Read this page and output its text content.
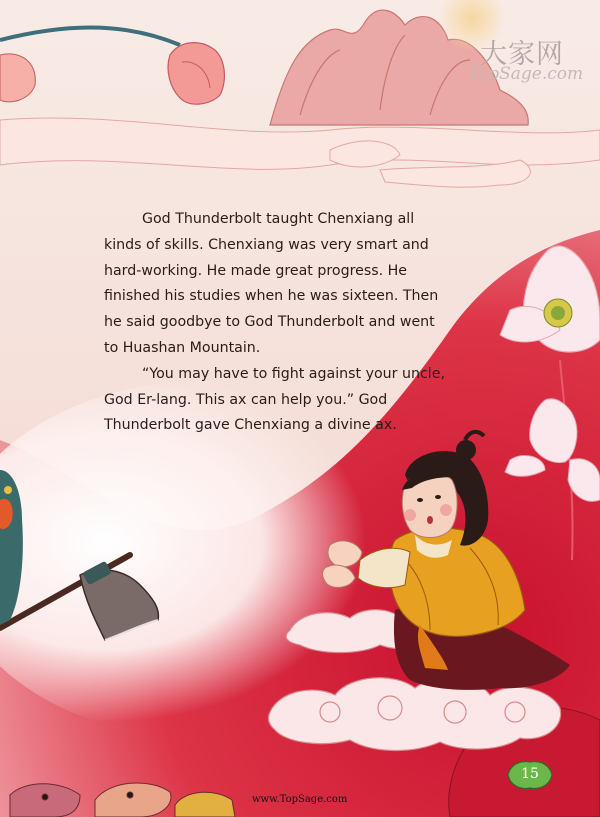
大家网
TopSage.com

God Thunderbolt taught Chenxiang all kinds of skills. Chenxiang was very smart and hard-working. He made great progress. He finished his studies when he was sixteen. Then he said goodbye to God Thunderbolt and went to Huashan Mountain.

“You may have to fight against your uncle, God Er-lang. This ax can help you.” God Thunderbolt gave Chenxiang a divine ax.

15
www.TopSage.com
